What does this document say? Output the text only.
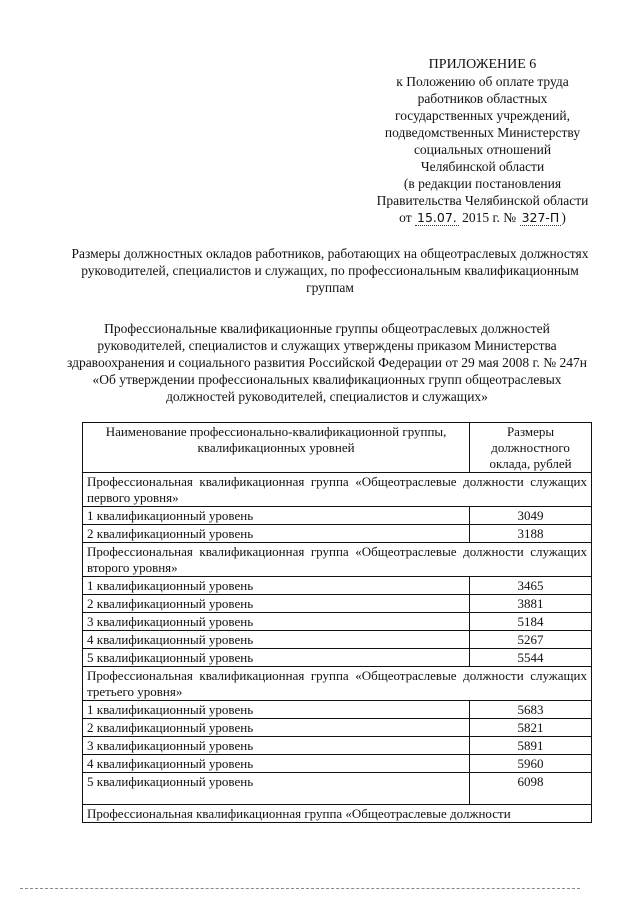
ПРИЛОЖЕНИЕ 6
к Положению об оплате труда
работников областных
государственных учреждений,
подведомственных Министерству
социальных отношений
Челябинской области
(в редакции постановления
Правительства Челябинской области
от 15.07. 2015 г. № 327-П )
Размеры должностных окладов работников, работающих на общеотраслевых должностях руководителей, специалистов и служащих, по профессиональным квалификационным группам
Профессиональные квалификационные группы общеотраслевых должностей руководителей, специалистов и служащих утверждены приказом Министерства здравоохранения и социального развития Российской Федерации от 29 мая 2008 г. № 247н «Об утверждении профессиональных квалификационных групп общеотраслевых должностей руководителей, специалистов и служащих»
Наименование профессионально-квалификационной группы, квалификационных уровней	Размеры должностного оклада, рублей
Профессиональная квалификационная группа «Общеотраслевые должности служащих первого уровня»	
1 квалификационный уровень	3049
2 квалификационный уровень	3188
Профессиональная квалификационная группа «Общеотраслевые должности служащих второго уровня»	
1 квалификационный уровень	3465
2 квалификационный уровень	3881
3 квалификационный уровень	5184
4 квалификационный уровень	5267
5 квалификационный уровень	5544
Профессиональная квалификационная группа «Общеотраслевые должности служащих третьего уровня»	
1 квалификационный уровень	5683
2 квалификационный уровень	5821
3 квалификационный уровень	5891
4 квалификационный уровень	5960
5 квалификационный уровень	6098
Профессиональная квалификационная группа «Общеотраслевые должности	
